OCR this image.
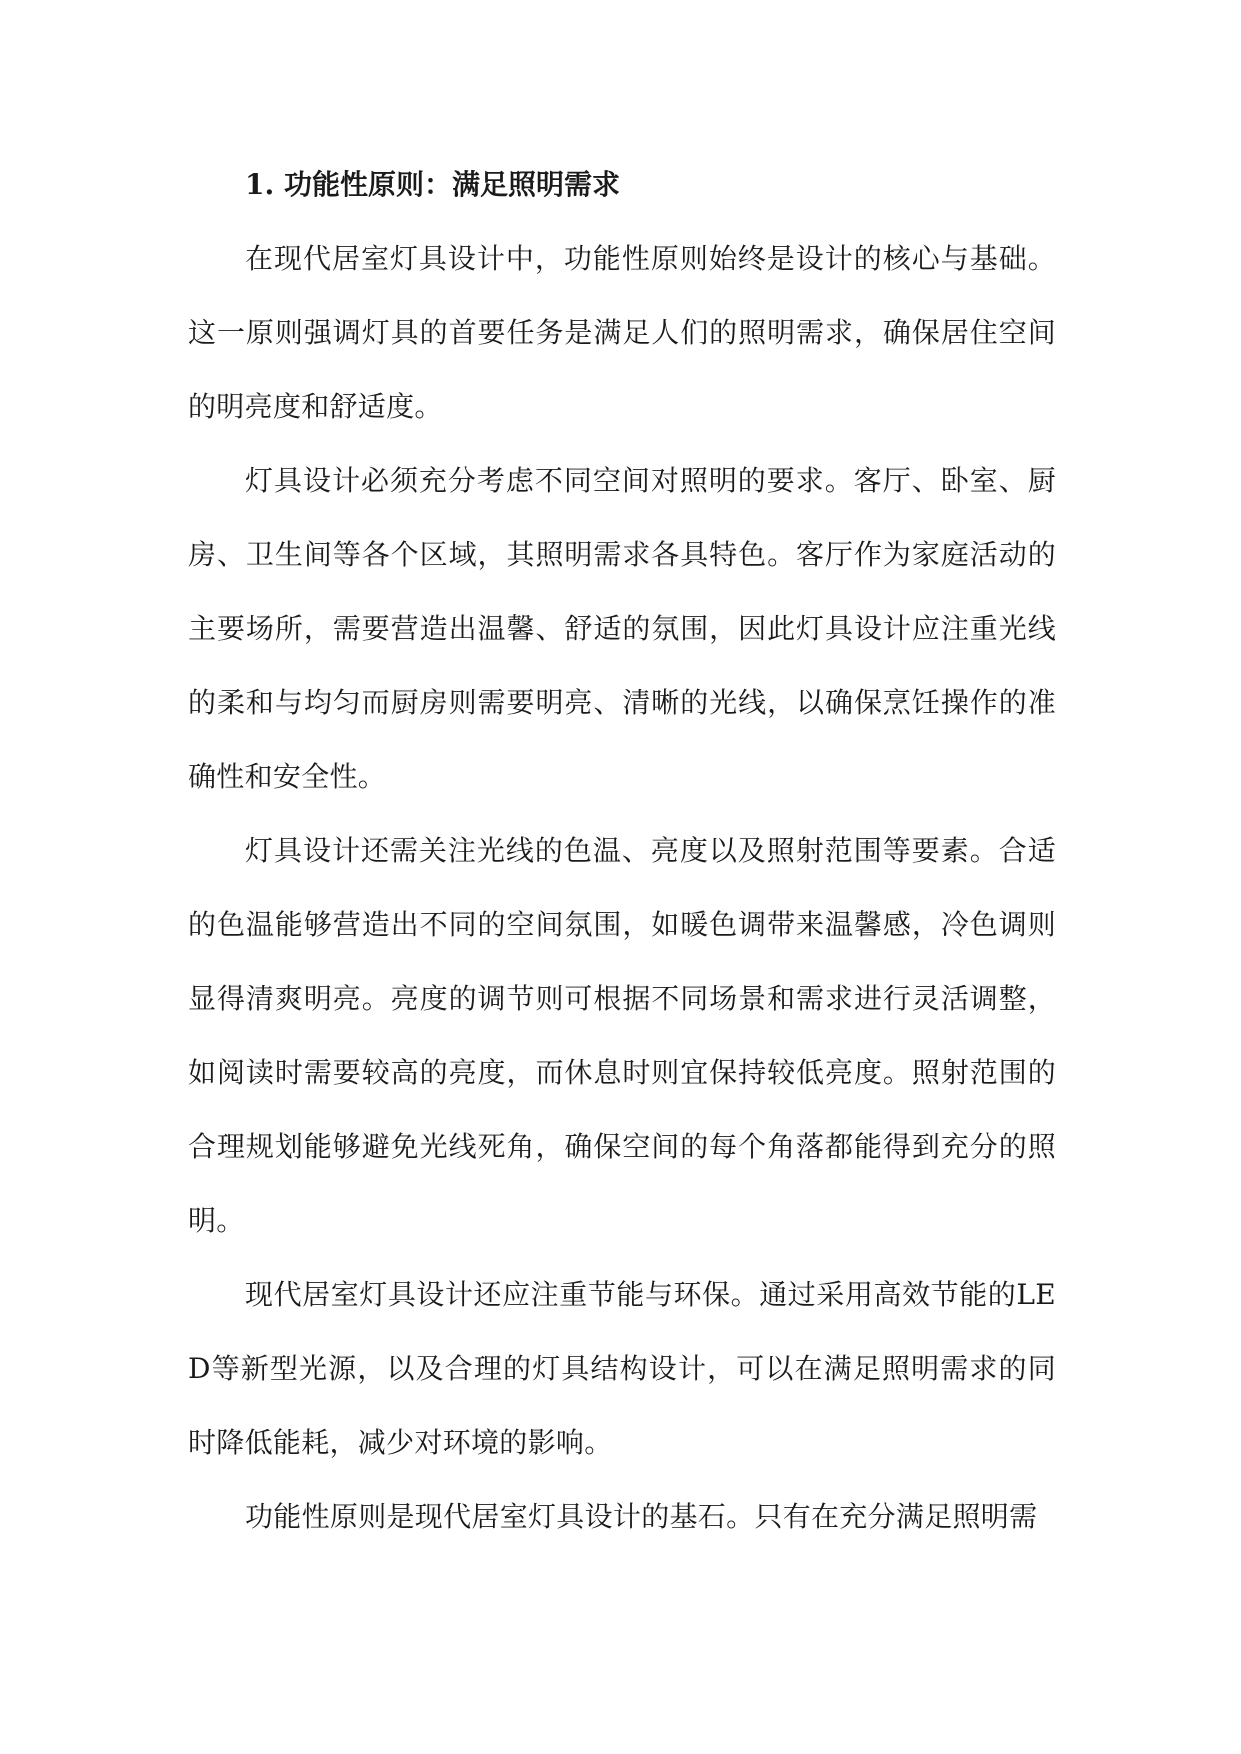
1. 功能性原则：满足照明需求

在现代居室灯具设计中，功能性原则始终是设计的核心与基础。这一原则强调灯具的首要任务是满足人们的照明需求，确保居住空间的明亮度和舒适度。

灯具设计必须充分考虑不同空间对照明的要求。客厅、卧室、厨房、卫生间等各个区域，其照明需求各具特色。客厅作为家庭活动的主要场所，需要营造出温馨、舒适的氛围，因此灯具设计应注重光线的柔和与均匀而厨房则需要明亮、清晰的光线，以确保烹饪操作的准确性和安全性。

灯具设计还需关注光线的色温、亮度以及照射范围等要素。合适的色温能够营造出不同的空间氛围，如暖色调带来温馨感，冷色调则显得清爽明亮。亮度的调节则可根据不同场景和需求进行灵活调整，如阅读时需要较高的亮度，而休息时则宜保持较低亮度。照射范围的合理规划能够避免光线死角，确保空间的每个角落都能得到充分的照明。

现代居室灯具设计还应注重节能与环保。通过采用高效节能的LED等新型光源，以及合理的灯具结构设计，可以在满足照明需求的同时降低能耗，减少对环境的影响。

功能性原则是现代居室灯具设计的基石。只有在充分满足照明需
